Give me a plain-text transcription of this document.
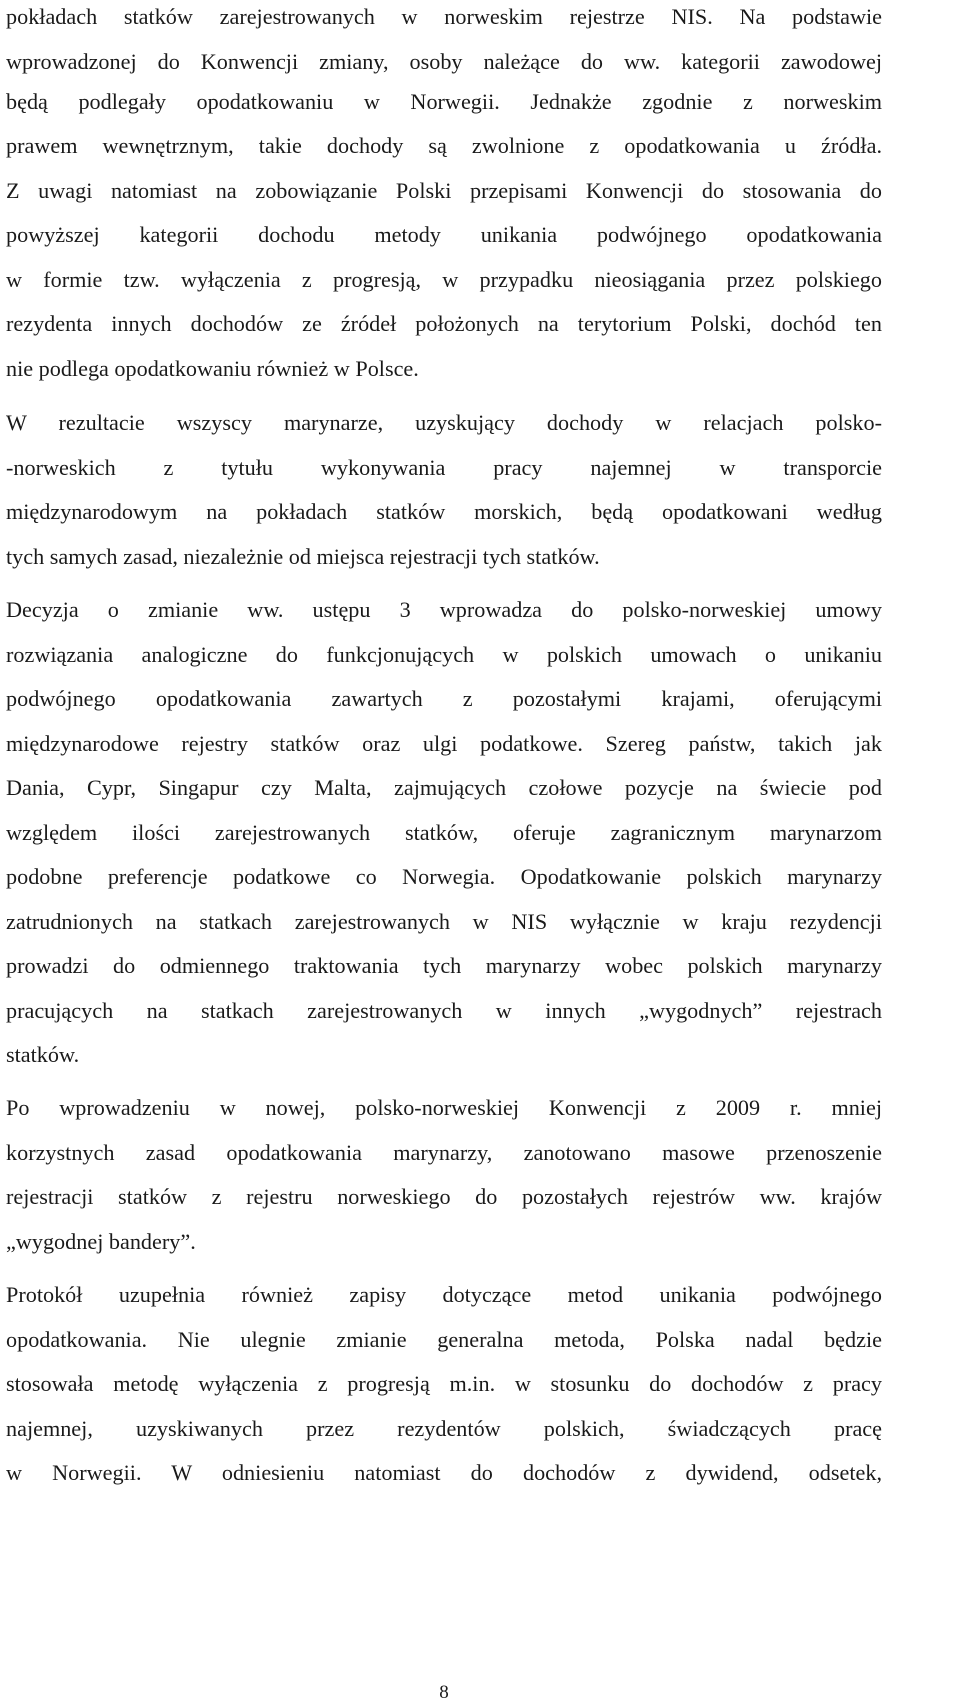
pokładach statków zarejestrowanych w norweskim rejestrze NIS. Na podstawie
wprowadzonej do Konwencji zmiany, osoby należące do ww. kategorii zawodowej
będą podlegały opodatkowaniu w Norwegii. Jednakże zgodnie z norweskim
prawem wewnętrznym, takie dochody są zwolnione z opodatkowania u źródła.
Z uwagi natomiast na zobowiązanie Polski przepisami Konwencji do stosowania do
powyższej kategorii dochodu metody unikania podwójnego opodatkowania
w formie tzw. wyłączenia z progresją, w przypadku nieosiągania przez polskiego
rezydenta innych dochodów ze źródeł położonych na terytorium Polski, dochód ten
nie podlega opodatkowaniu również w Polsce.
W rezultacie wszyscy marynarze, uzyskujący dochody w relacjach polsko-
-norweskich z tytułu wykonywania pracy najemnej w transporcie
międzynarodowym na pokładach statków morskich, będą opodatkowani według
tych samych zasad, niezależnie od miejsca rejestracji tych statków.
Decyzja o zmianie ww. ustępu 3 wprowadza do polsko-norweskiej umowy
rozwiązania analogiczne do funkcjonujących w polskich umowach o unikaniu
podwójnego opodatkowania zawartych z pozostałymi krajami, oferującymi
międzynarodowe rejestry statków oraz ulgi podatkowe. Szereg państw, takich jak
Dania, Cypr, Singapur czy Malta, zajmujących czołowe pozycje na świecie pod
względem ilości zarejestrowanych statków, oferuje zagranicznym marynarzom
podobne preferencje podatkowe co Norwegia. Opodatkowanie polskich marynarzy
zatrudnionych na statkach zarejestrowanych w NIS wyłącznie w kraju rezydencji
prowadzi do odmiennego traktowania tych marynarzy wobec polskich marynarzy
pracujących na statkach zarejestrowanych w innych „wygodnych” rejestrach
statków.
Po wprowadzeniu w nowej, polsko-norweskiej Konwencji z 2009 r. mniej
korzystnych zasad opodatkowania marynarzy, zanotowano masowe przenoszenie
rejestracji statków z rejestru norweskiego do pozostałych rejestrów ww. krajów
„wygodnej bandery”.
Protokół uzupełnia również zapisy dotyczące metod unikania podwójnego
opodatkowania. Nie ulegnie zmianie generalna metoda, Polska nadal będzie
stosowała metodę wyłączenia z progresją m.in. w stosunku do dochodów z pracy
najemnej, uzyskiwanych przez rezydentów polskich, świadczących pracę
w Norwegii. W odniesieniu natomiast do dochodów z dywidend, odsetek,
8
